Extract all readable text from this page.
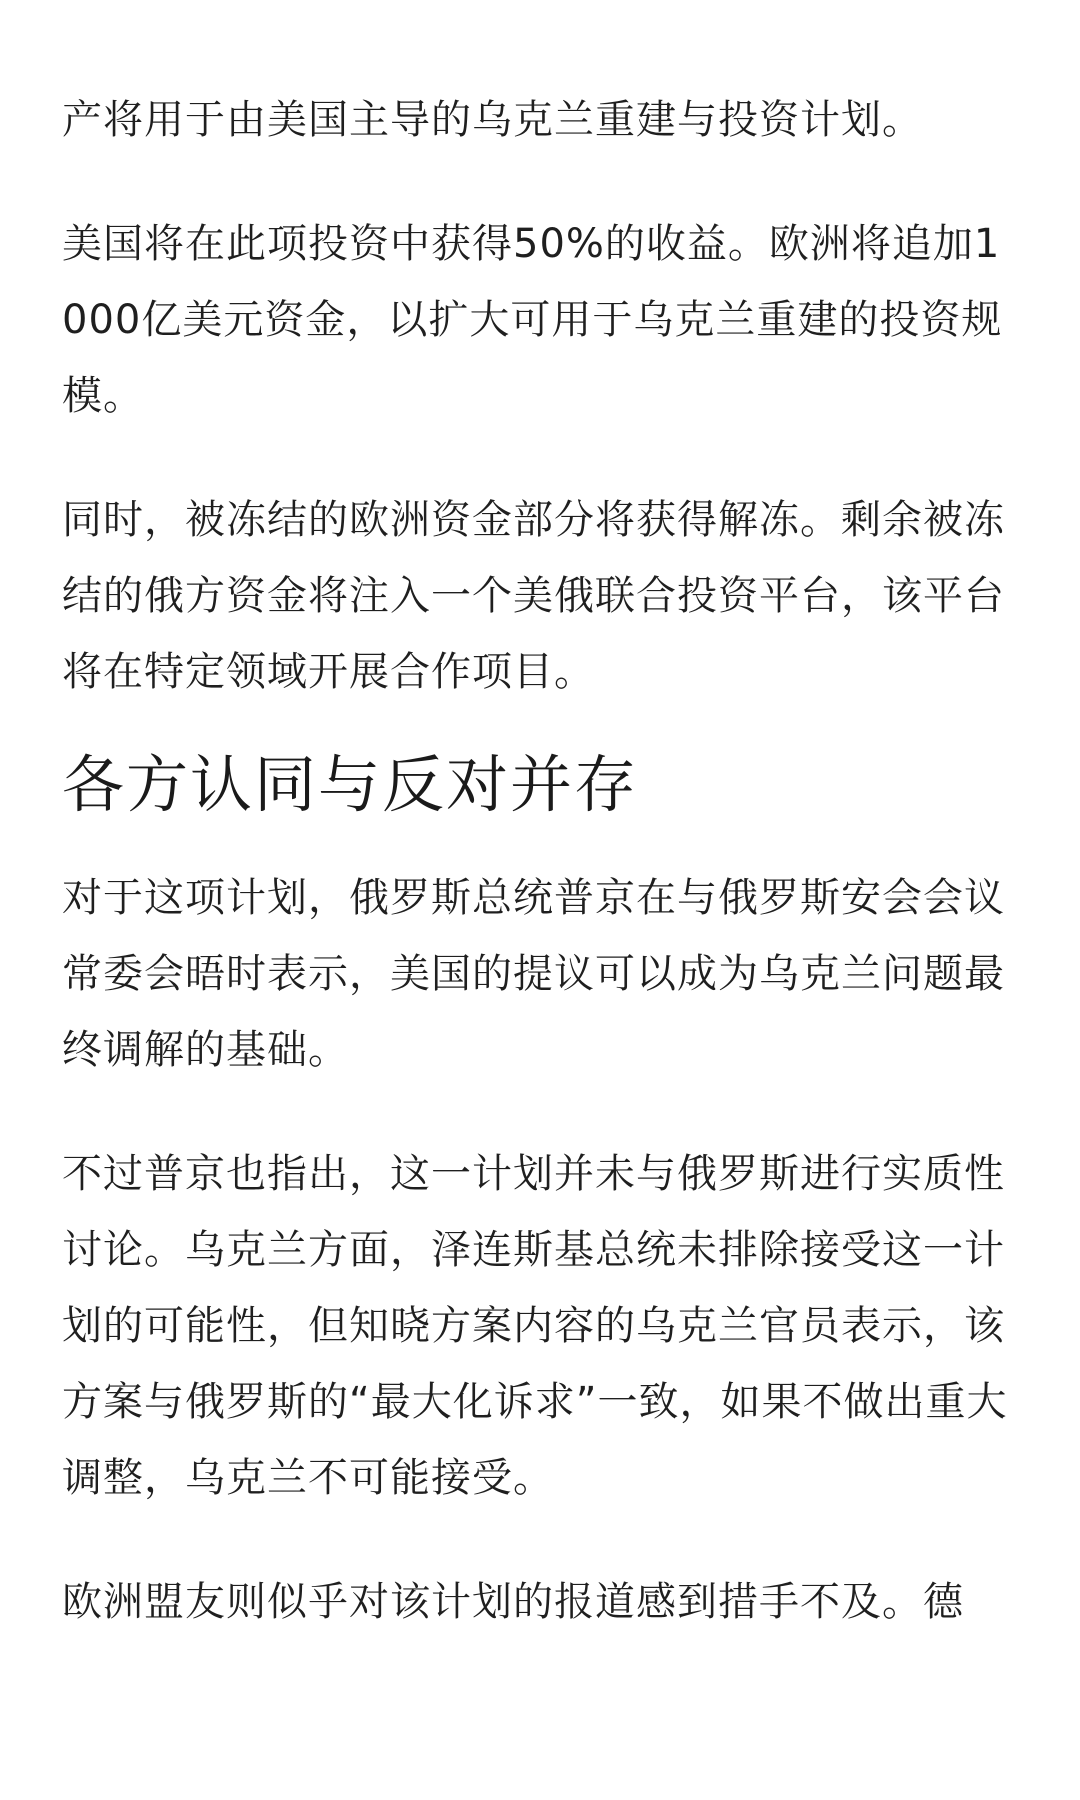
产将用于由美国主导的乌克兰重建与投资计划。

美国将在此项投资中获得50%的收益。欧洲将追加1000亿美元资金，以扩大可用于乌克兰重建的投资规模。

同时，被冻结的欧洲资金部分将获得解冻。剩余被冻结的俄方资金将注入一个美俄联合投资平台，该平台将在特定领域开展合作项目。

各方认同与反对并存

对于这项计划，俄罗斯总统普京在与俄罗斯安会会议常委会晤时表示，美国的提议可以成为乌克兰问题最终调解的基础。

不过普京也指出，这一计划并未与俄罗斯进行实质性讨论。乌克兰方面，泽连斯基总统未排除接受这一计划的可能性，但知晓方案内容的乌克兰官员表示，该方案与俄罗斯的“最大化诉求”一致，如果不做出重大调整，乌克兰不可能接受。

欧洲盟友则似乎对该计划的报道感到措手不及。德
